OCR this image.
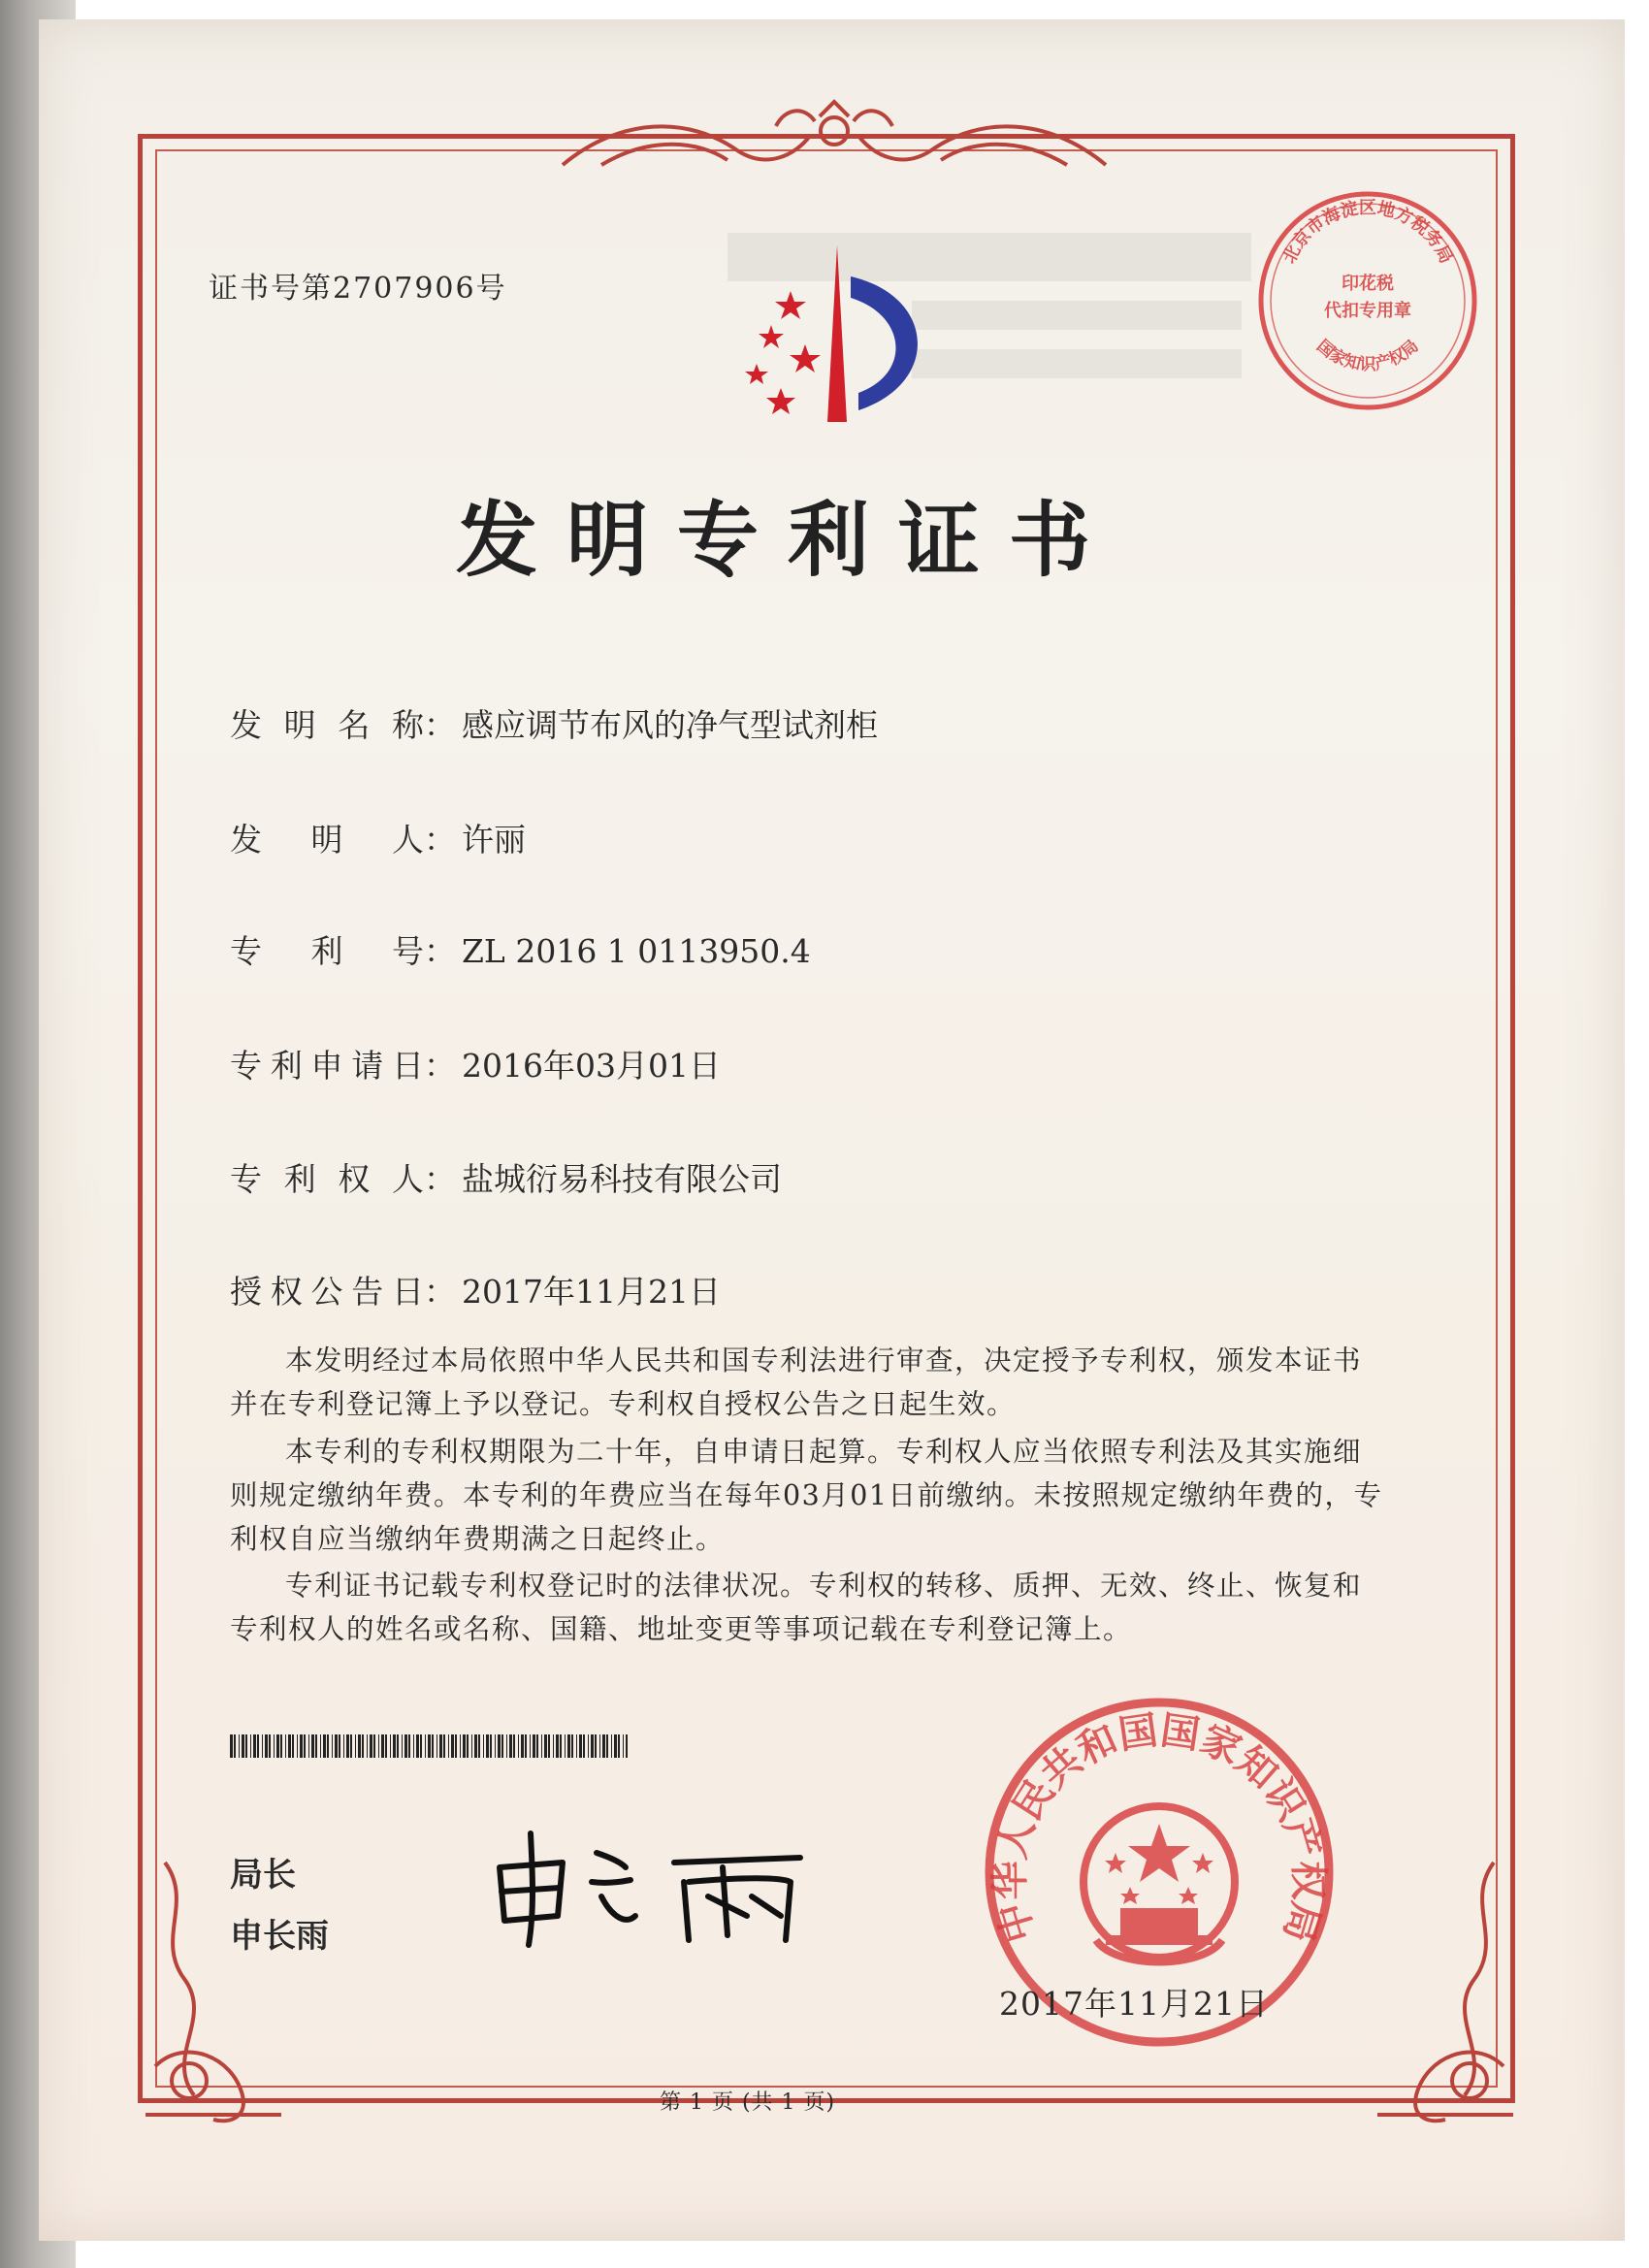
北京市海淀区地方税务局
印花税
代扣专用章
国家知识产权局
证书号第2707906号
发明专利证书
发明名称 ： 感应调节布风的净气型试剂柜
发明人 ： 许丽
专利号 ： ZL 2016 1 0113950.4
专利申请日 ： 2016年03月01日
专利权人 ： 盐城衍易科技有限公司
授权公告日 ： 2017年11月21日
本发明经过本局依照中华人民共和国专利法进行审查，决定授予专利权，颁发本证书并在专利登记簿上予以登记。专利权自授权公告之日起生效。
本专利的专利权期限为二十年，自申请日起算。专利权人应当依照专利法及其实施细则规定缴纳年费。本专利的年费应当在每年03月01日前缴纳。未按照规定缴纳年费的，专利权自应当缴纳年费期满之日起终止。
专利证书记载专利权登记时的法律状况。专利权的转移、质押、无效、终止、恢复和专利权人的姓名或名称、国籍、地址变更等事项记载在专利登记簿上。
局长
申长雨	中华人民共和国国家知识产权局
2017年11月21日
第 1 页 (共 1 页)
